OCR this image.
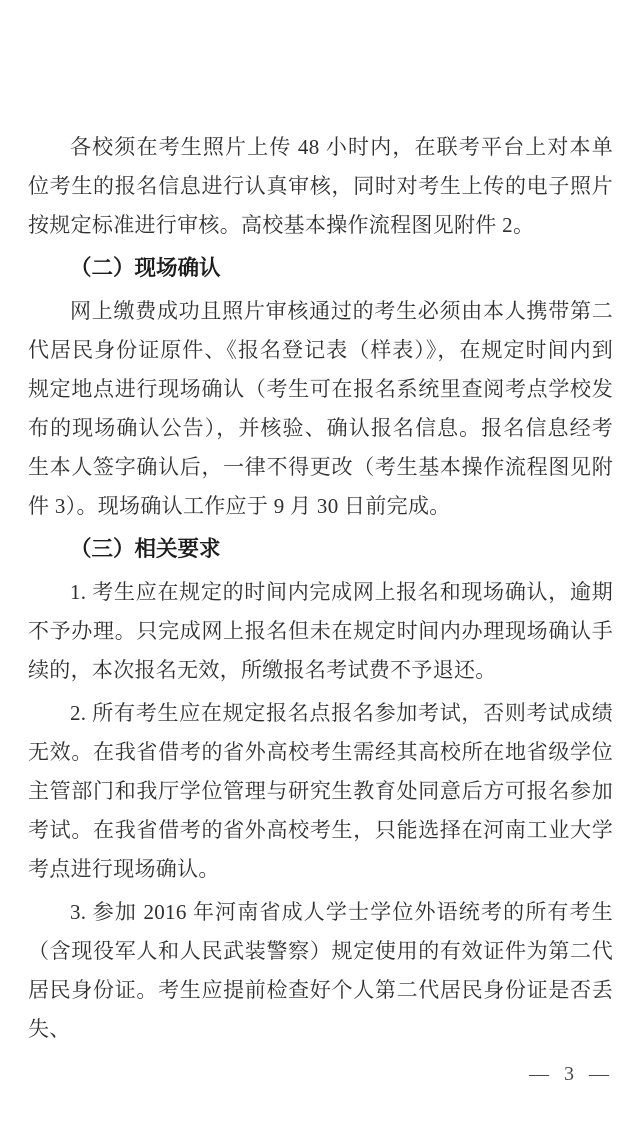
各校须在考生照片上传 48 小时内，在联考平台上对本单位考生的报名信息进行认真审核，同时对考生上传的电子照片按规定标准进行审核。高校基本操作流程图见附件 2。

（二）现场确认

网上缴费成功且照片审核通过的考生必须由本人携带第二代居民身份证原件、《报名登记表（样表）》，在规定时间内到规定地点进行现场确认（考生可在报名系统里查阅考点学校发布的现场确认公告），并核验、确认报名信息。报名信息经考生本人签字确认后，一律不得更改（考生基本操作流程图见附件 3）。现场确认工作应于 9 月 30 日前完成。

（三）相关要求

1. 考生应在规定的时间内完成网上报名和现场确认，逾期不予办理。只完成网上报名但未在规定时间内办理现场确认手续的，本次报名无效，所缴报名考试费不予退还。

2. 所有考生应在规定报名点报名参加考试，否则考试成绩无效。在我省借考的省外高校考生需经其高校所在地省级学位主管部门和我厅学位管理与研究生教育处同意后方可报名参加考试。在我省借考的省外高校考生，只能选择在河南工业大学考点进行现场确认。

3. 参加 2016 年河南省成人学士学位外语统考的所有考生（含现役军人和人民武装警察）规定使用的有效证件为第二代居民身份证。考生应提前检查好个人第二代居民身份证是否丢失、

— 3 —
